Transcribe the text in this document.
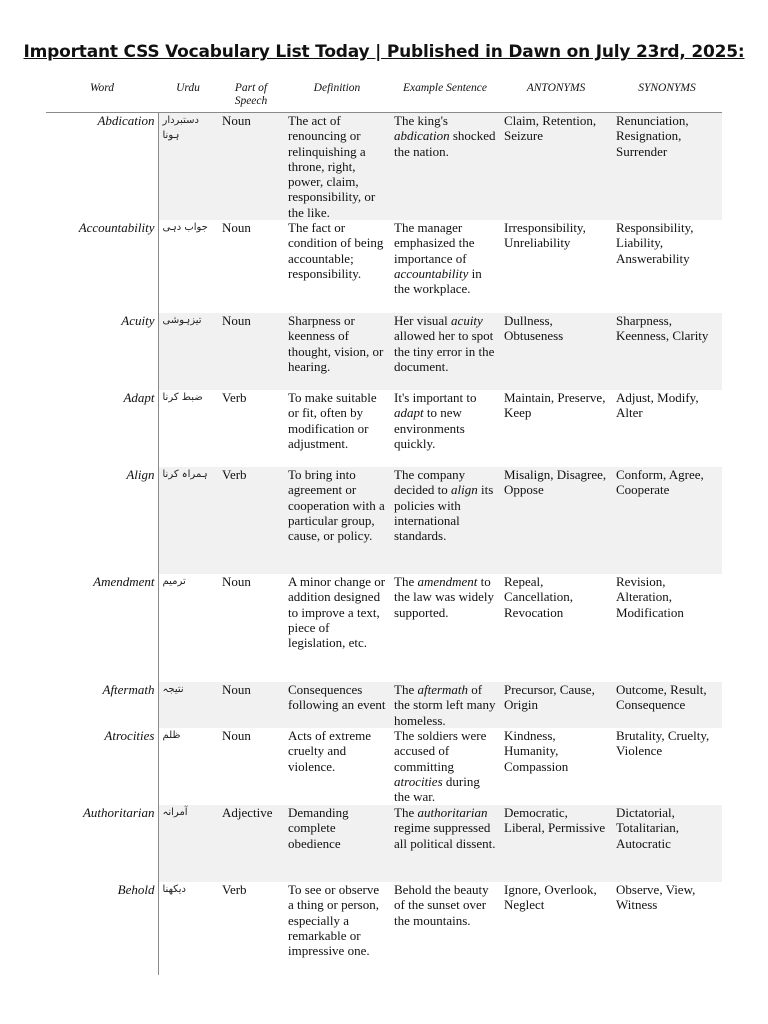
Important CSS Vocabulary List Today | Published in Dawn on July 23rd, 2025:
Word	Urdu	Part of Speech	Definition	Example Sentence	ANTONYMS	SYNONYMS
Abdication	دستبردار ہونا	Noun	The act of renouncing or relinquishing a throne, right, power, claim, responsibility, or the like.	The king's abdication shocked the nation.	Claim, Retention, Seizure	Renunciation, Resignation, Surrender
Accountability	جواب دہی	Noun	The fact or condition of being accountable; responsibility.	The manager emphasized the importance of accountability in the workplace.	Irresponsibility, Unreliability	Responsibility, Liability, Answerability
Acuity	تیزہوشی	Noun	Sharpness or keenness of thought, vision, or hearing.	Her visual acuity allowed her to spot the tiny error in the document.	Dullness, Obtuseness	Sharpness, Keenness, Clarity
Adapt	ضبط کرنا	Verb	To make suitable or fit, often by modification or adjustment.	It's important to adapt to new environments quickly.	Maintain, Preserve, Keep	Adjust, Modify, Alter
Align	ہمراہ کرنا	Verb	To bring into agreement or cooperation with a particular group, cause, or policy.	The company decided to align its policies with international standards.	Misalign, Disagree, Oppose	Conform, Agree, Cooperate
Amendment	ترمیم	Noun	A minor change or addition designed to improve a text, piece of legislation, etc.	The amendment to the law was widely supported.	Repeal, Cancellation, Revocation	Revision, Alteration, Modification
Aftermath	نتیجہ	Noun	Consequences following an event	The aftermath of the storm left many homeless.	Precursor, Cause, Origin	Outcome, Result, Consequence
Atrocities	ظلم	Noun	Acts of extreme cruelty and violence.	The soldiers were accused of committing atrocities during the war.	Kindness, Humanity, Compassion	Brutality, Cruelty, Violence
Authoritarian	آمرانہ	Adjective	Demanding complete obedience	The authoritarian regime suppressed all political dissent.	Democratic, Liberal, Permissive	Dictatorial, Totalitarian, Autocratic
Behold	دیکھنا	Verb	To see or observe a thing or person, especially a remarkable or impressive one.	Behold the beauty of the sunset over the mountains.	Ignore, Overlook, Neglect	Observe, View, Witness
